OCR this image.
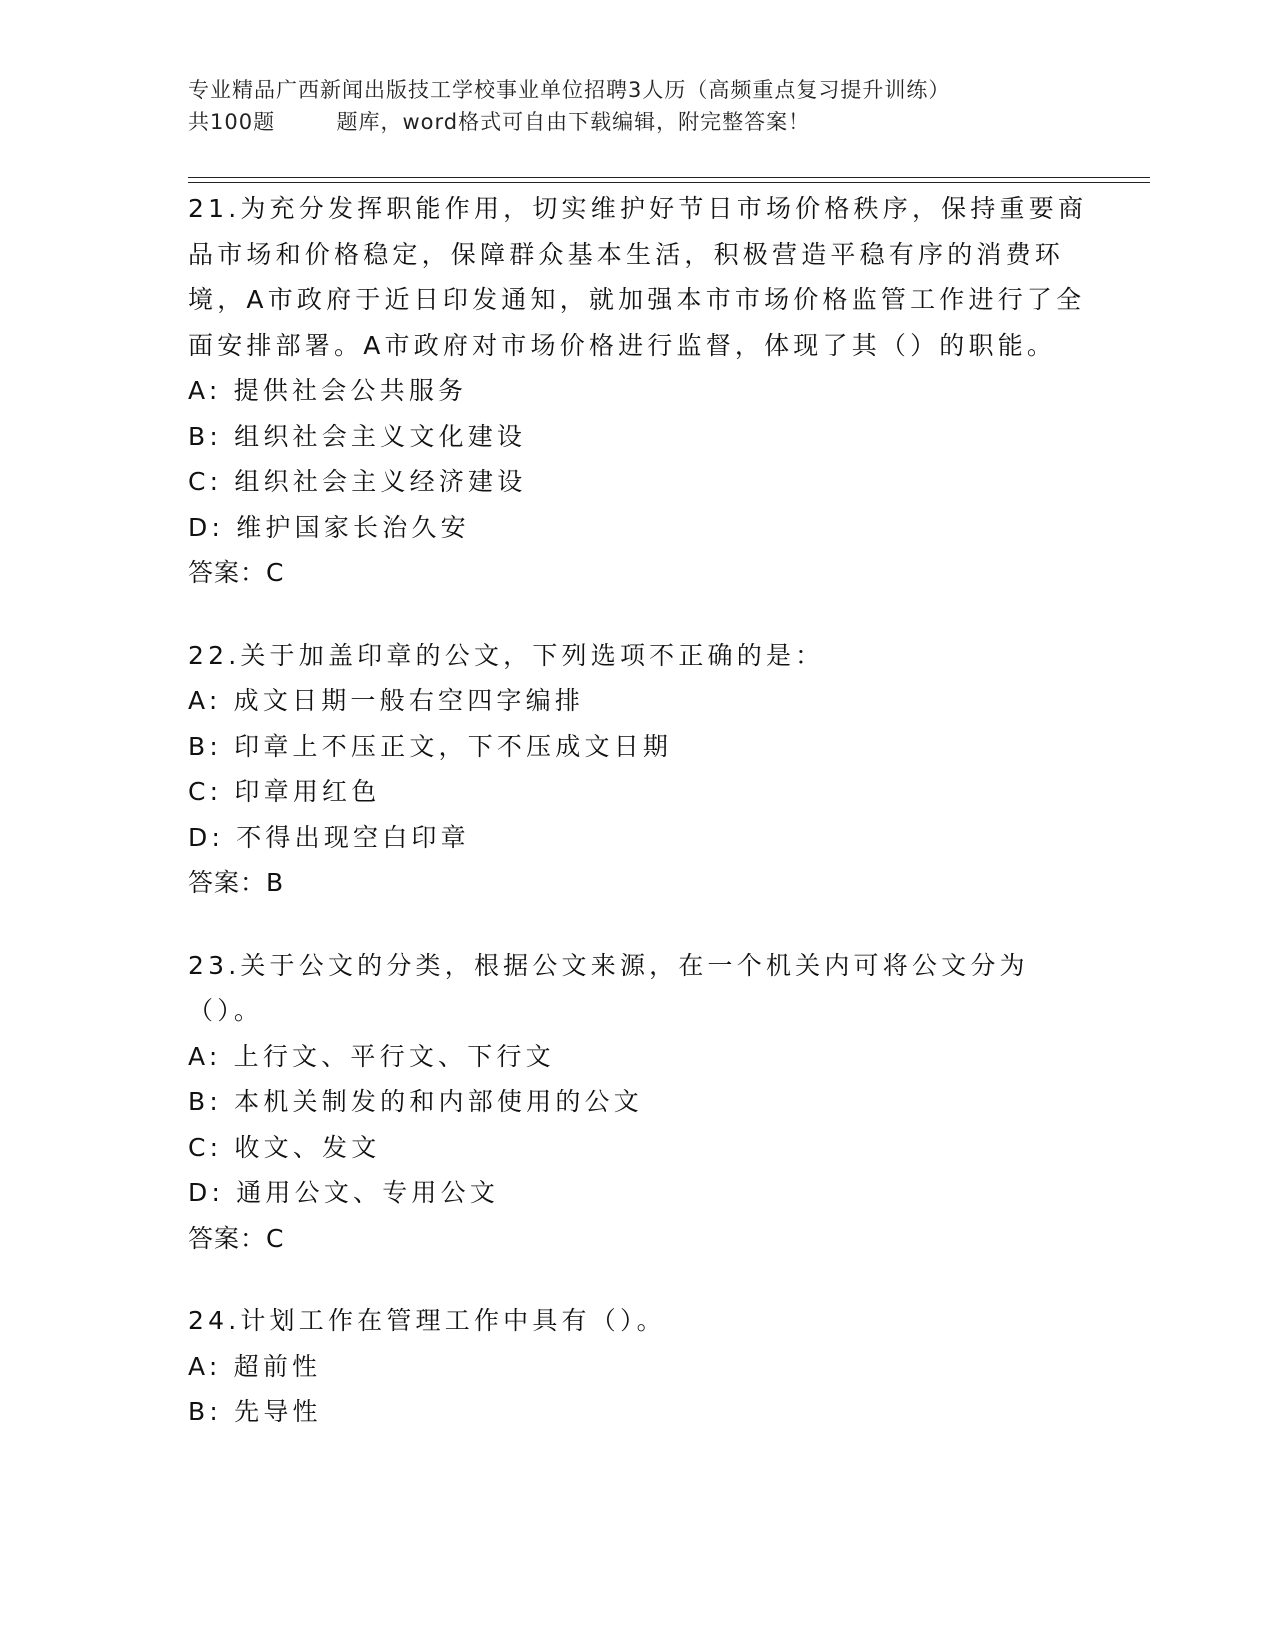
专业精品广西新闻出版技工学校事业单位招聘3人历（高频重点复习提升训练）
共100题        题库，word格式可自由下载编辑，附完整答案！
21.为充分发挥职能作用，切实维护好节日市场价格秩序，保持重要商品市场和价格稳定，保障群众基本生活，积极营造平稳有序的消费环境，A市政府于近日印发通知，就加强本市市场价格监管工作进行了全面安排部署。A市政府对市场价格进行监督，体现了其（）的职能。
A: 提供社会公共服务
B: 组织社会主义文化建设
C: 组织社会主义经济建设
D: 维护国家长治久安
答案：C
22.关于加盖印章的公文，下列选项不正确的是：
A: 成文日期一般右空四字编排
B: 印章上不压正文，下不压成文日期
C: 印章用红色
D: 不得出现空白印章
答案：B
23.关于公文的分类，根据公文来源，在一个机关内可将公文分为（）。
A: 上行文、平行文、下行文
B: 本机关制发的和内部使用的公文
C: 收文、发文
D: 通用公文、专用公文
答案：C
24.计划工作在管理工作中具有（）。
A: 超前性
B: 先导性
